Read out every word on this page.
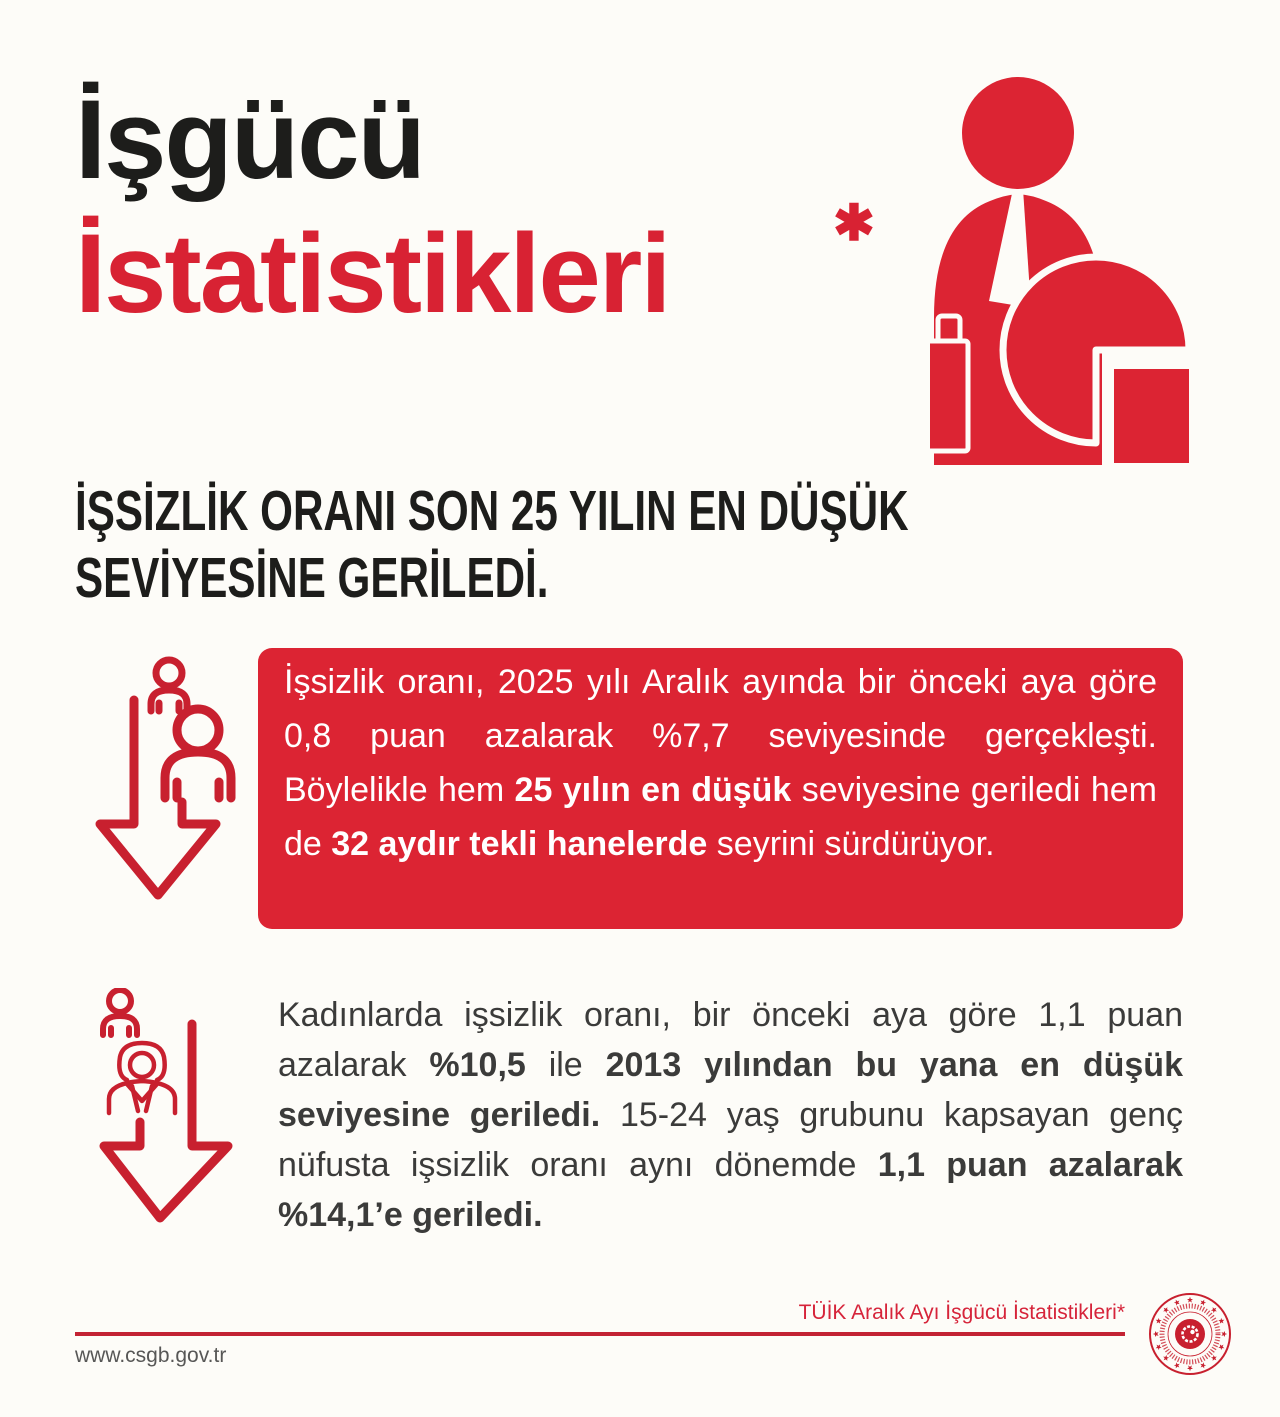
İşgücü
İstatistikleri	✱
İŞSİZLİK ORANI SON 25 YILIN EN DÜŞÜK
SEVİYESİNE GERİLEDİ.
İşsizlik oranı, 2025 yılı Aralık ayında bir önceki aya göre 0,8 puan azalarak %7,7 seviyesinde gerçekleşti. Böylelikle hem 25 yılın en düşük seviyesine geriledi hem de 32 aydır tekli hanelerde seyrini sürdürüyor.
Kadınlarda işsizlik oranı, bir önceki aya göre 1,1 puan azalarak %10,5 ile 2013 yılından bu yana en düşük seviyesine geriledi. 15-24 yaş grubunu kapsayan genç nüfusta işsizlik oranı aynı dönemde 1,1 puan azalarak %14,1’e geriledi.
TÜİK Aralık Ayı İşgücü İstatistikleri*
www.csgb.gov.tr
